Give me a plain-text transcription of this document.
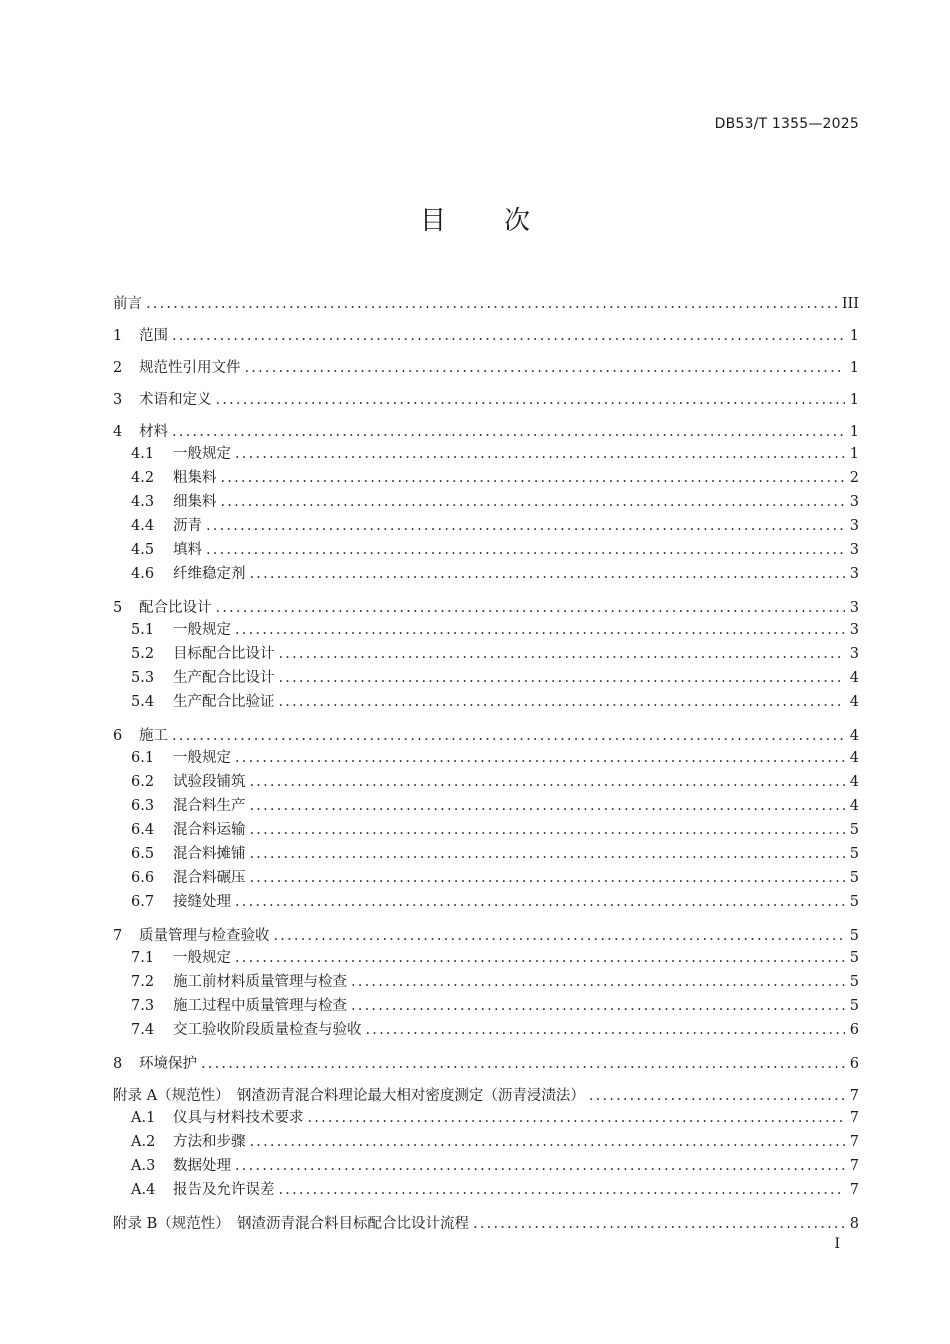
DB53/T 1355—2025
目 次
前言 .....	III
1	范围 .....	1
2	规范性引用文件 .....	1
3	术语和定义 .....	1
4	材料 .....	1
4.1	一般规定 .....	1
4.2	粗集料 .....	2
4.3	细集料 .....	3
4.4	沥青 .....	3
4.5	填料 .....	3
4.6	纤维稳定剂 .....	3
5	配合比设计 .....	3
5.1	一般规定 .....	3
5.2	目标配合比设计 .....	3
5.3	生产配合比设计 .....	4
5.4	生产配合比验证 .....	4
6	施工 .....	4
6.1	一般规定 .....	4
6.2	试验段铺筑 .....	4
6.3	混合料生产 .....	4
6.4	混合料运输 .....	5
6.5	混合料摊铺 .....	5
6.6	混合料碾压 .....	5
6.7	接缝处理 .....	5
7	质量管理与检查验收 .....	5
7.1	一般规定 .....	5
7.2	施工前材料质量管理与检查 .....	5
7.3	施工过程中质量管理与检查 .....	5
7.4	交工验收阶段质量检查与验收 .....	6
8	环境保护 .....	6
附录 A（规范性）　钢渣沥青混合料理论最大相对密度测定（沥青浸渍法） .....	7
A.1	仪具与材料技术要求 .....	7
A.2	方法和步骤 .....	7
A.3	数据处理 .....	7
A.4	报告及允许误差 .....	7
附录 B（规范性）　钢渣沥青混合料目标配合比设计流程 .....	8
I
